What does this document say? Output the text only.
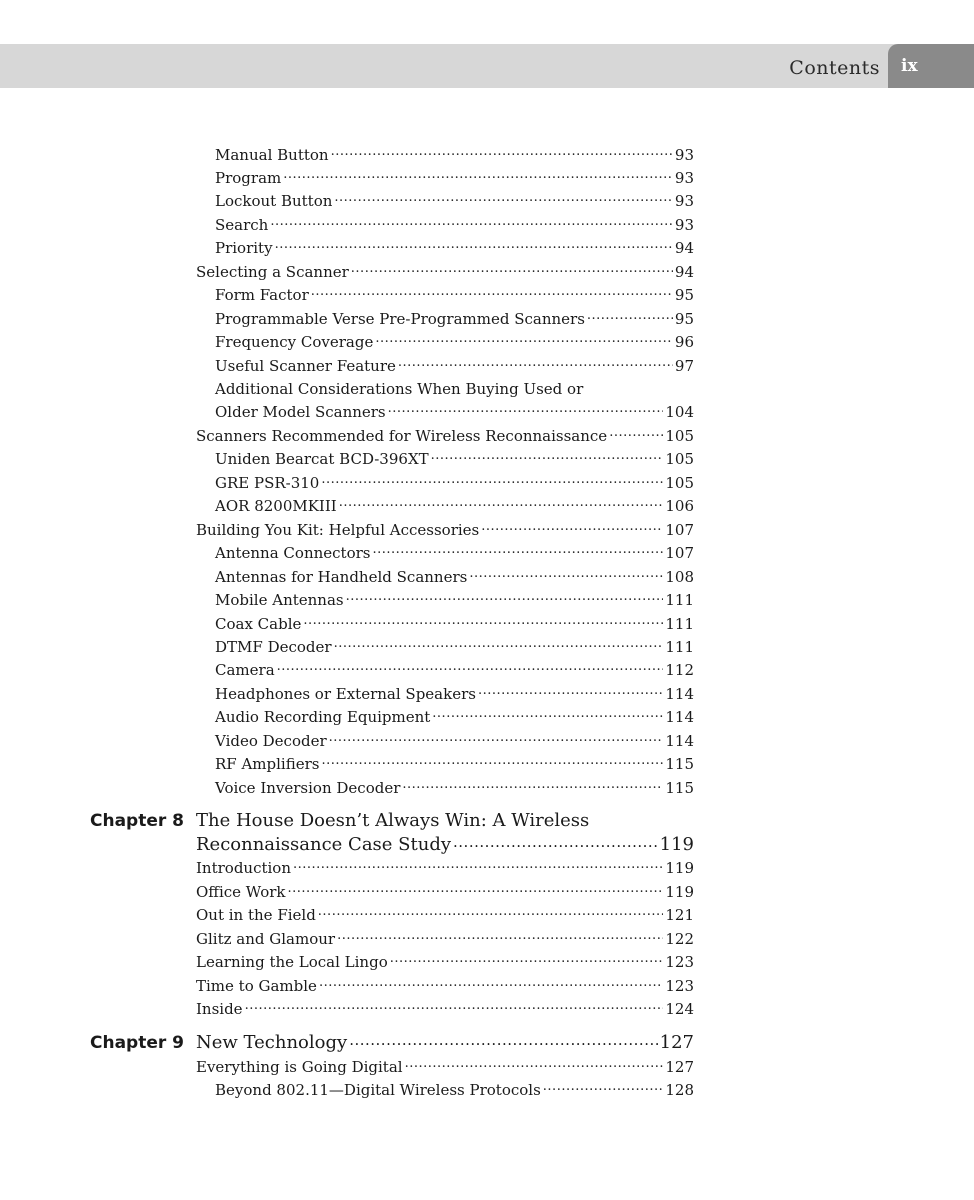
Contents ix
Manual Button .....	93
Program .....	93
Lockout Button .....	93
Search .....	93
Priority .....	94
Selecting a Scanner .....	94
Form Factor .....	95
Programmable Verse Pre-Programmed Scanners .....	95
Frequency Coverage .....	96
Useful Scanner Feature .....	97
Additional Considerations When Buying Used or
Older Model Scanners .....	104
Scanners Recommended for Wireless Reconnaissance .....	105
Uniden Bearcat BCD-396XT .....	105
GRE PSR-310 .....	105
AOR 8200MKIII .....	106
Building You Kit: Helpful Accessories .....	107
Antenna Connectors .....	107
Antennas for Handheld Scanners .....	108
Mobile Antennas .....	111
Coax Cable .....	111
DTMF Decoder .....	111
Camera .....	112
Headphones or External Speakers .....	114
Audio Recording Equipment .....	114
Video Decoder .....	114
RF Amplifiers .....	115
Voice Inversion Decoder .....	115
Chapter 8 The House Doesn’t Always Win: A Wireless
Reconnaissance Case Study .....	119
Introduction .....	119
Office Work .....	119
Out in the Field .....	121
Glitz and Glamour .....	122
Learning the Local Lingo .....	123
Time to Gamble .....	123
Inside .....	124
Chapter 9 New Technology .....	127
Everything is Going Digital .....	127
Beyond 802.11—Digital Wireless Protocols .....	128
